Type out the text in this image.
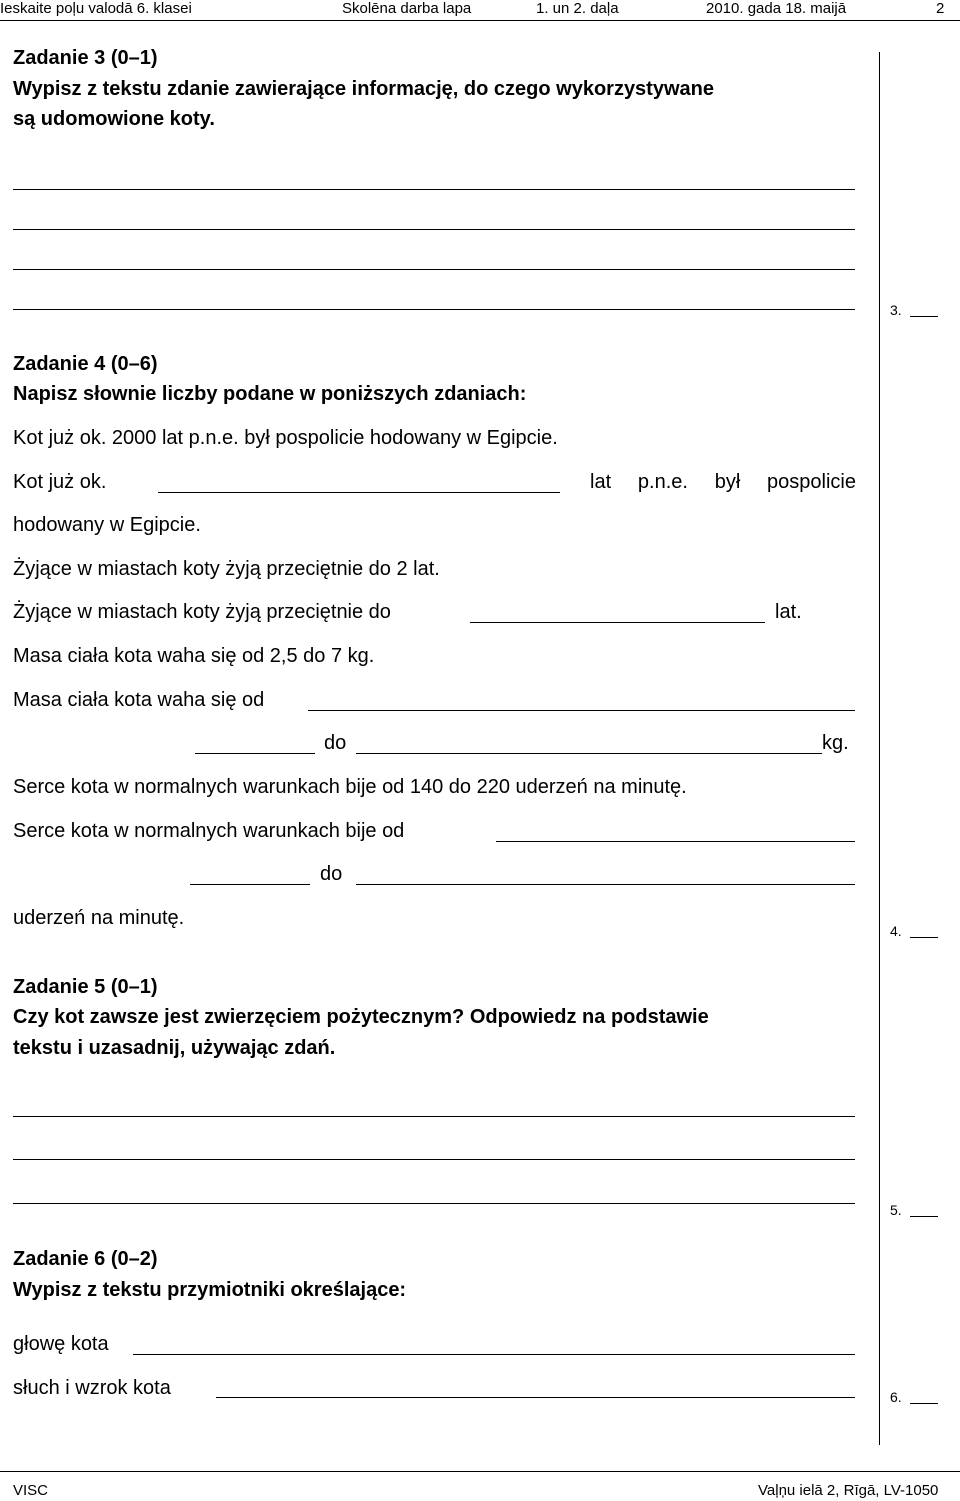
Ieskaite poļu valodā 6. klasei	Skolēna darba lapa	1. un 2. daļa	2010. gada 18. maijā	2
Zadanie 3 (0–1)
Wypisz z tekstu zdanie zawierające informację, do czego wykorzystywane
są udomowione koty.
3.
Zadanie 4 (0–6)
Napisz słownie liczby podane w poniższych zdaniach:
Kot już ok. 2000 lat p.n.e. był pospolicie hodowany w Egipcie.
Kot już ok.	lat p.n.e. był pospolicie
hodowany w Egipcie.
Żyjące w miastach koty żyją przeciętnie do 2 lat.
Żyjące w miastach koty żyją przeciętnie do	lat.
Masa ciała kota waha się od 2,5 do 7 kg.
Masa ciała kota waha się od
do	kg.
Serce kota w normalnych warunkach bije od 140 do 220 uderzeń na minutę.
Serce kota w normalnych warunkach bije od
do
uderzeń na minutę.
4.
Zadanie 5 (0–1)
Czy kot zawsze jest zwierzęciem pożytecznym? Odpowiedz na podstawie
tekstu i uzasadnij, używając zdań.
5.
Zadanie 6 (0–2)
Wypisz z tekstu przymiotniki określające:
głowę kota
słuch i wzrok kota	6.
VISC	Vaļņu ielā 2, Rīgā, LV-1050
